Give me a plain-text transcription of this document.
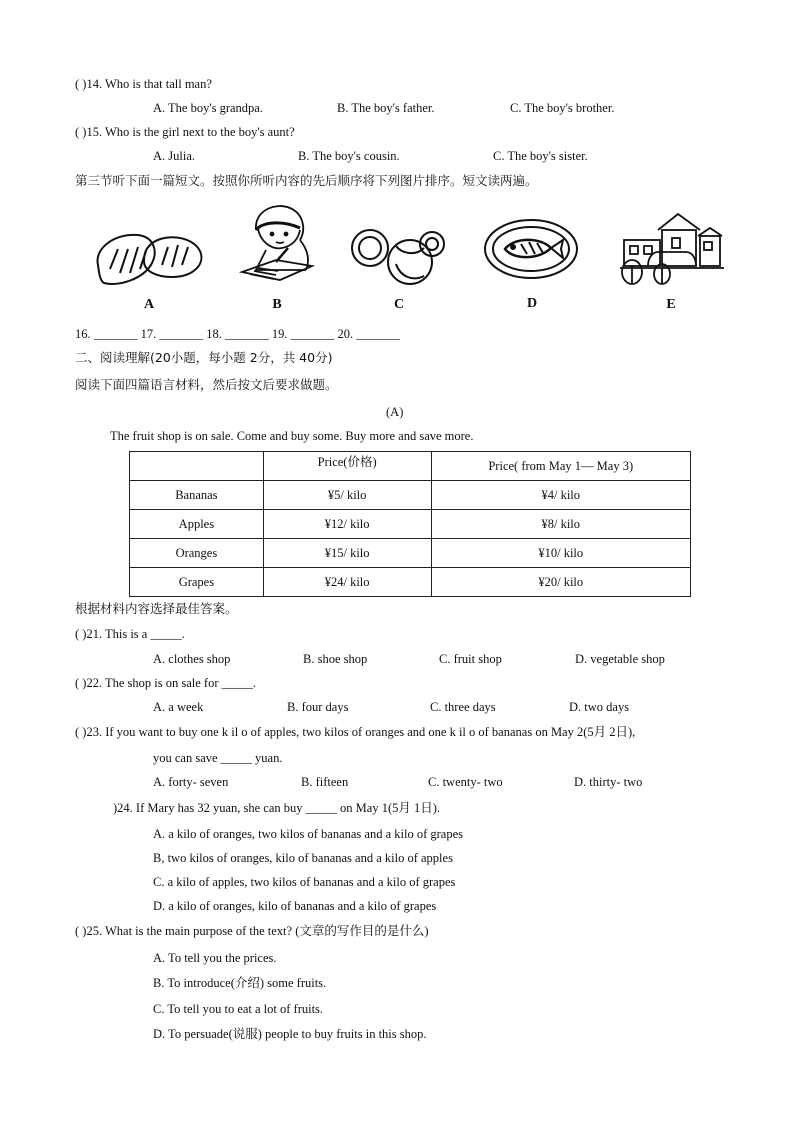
( )14. Who is that tall man?
A. The boy's grandpa.	B. The boy's father.	C. The boy's brother.
( )15. Who is the girl next to the boy's aunt?
A. Julia.	B. The boy's cousin.	C. The boy's sister.
第三节听下面一篇短文。按照你所听内容的先后顺序将下列图片排序。短文读两遍。
A	B	C	D	E
16. _______ 17. _______ 18. _______ 19. _______ 20. _______
二、阅读理解(20小题，每小题 2分，共 40分)
阅读下面四篇语言材料，然后按文后要求做题。
(A)
The fruit shop is on sale. Come and buy some. Buy more and save more.
	Price(价格)	Price( from May 1— May 3)
Bananas	¥5/ kilo	¥4/ kilo
Apples	¥12/ kilo	¥8/ kilo
Oranges	¥15/ kilo	¥10/ kilo
Grapes	¥24/ kilo	¥20/ kilo
根据材料内容选择最佳答案。
( )21. This is a _____.
A. clothes shop	B. shoe shop	C. fruit shop	D. vegetable shop
( )22. The shop is on sale for _____.
A. a week	B. four days	C. three days	D. two days
( )23. If you want to buy one k il o of apples, two kilos of oranges and one k il o of bananas on May 2(5月 2日),
you can save _____ yuan.
A. forty- seven	B. fifteen	C. twenty- two	D. thirty- two
)24. If Mary has 32 yuan, she can buy _____ on May 1(5月 1日).
A. a kilo of oranges, two kilos of bananas and a kilo of grapes
B, two kilos of oranges, kilo of bananas and a kilo of apples
C. a kilo of apples, two kilos of bananas and a kilo of grapes
D. a kilo of oranges, kilo of bananas and a kilo of grapes
( )25. What is the main purpose of the text? (文章的写作目的是什么)
A. To tell you the prices.
B. To introduce(介绍) some fruits.
C. To tell you to eat a lot of fruits.
D. To persuade(说服) people to buy fruits in this shop.
